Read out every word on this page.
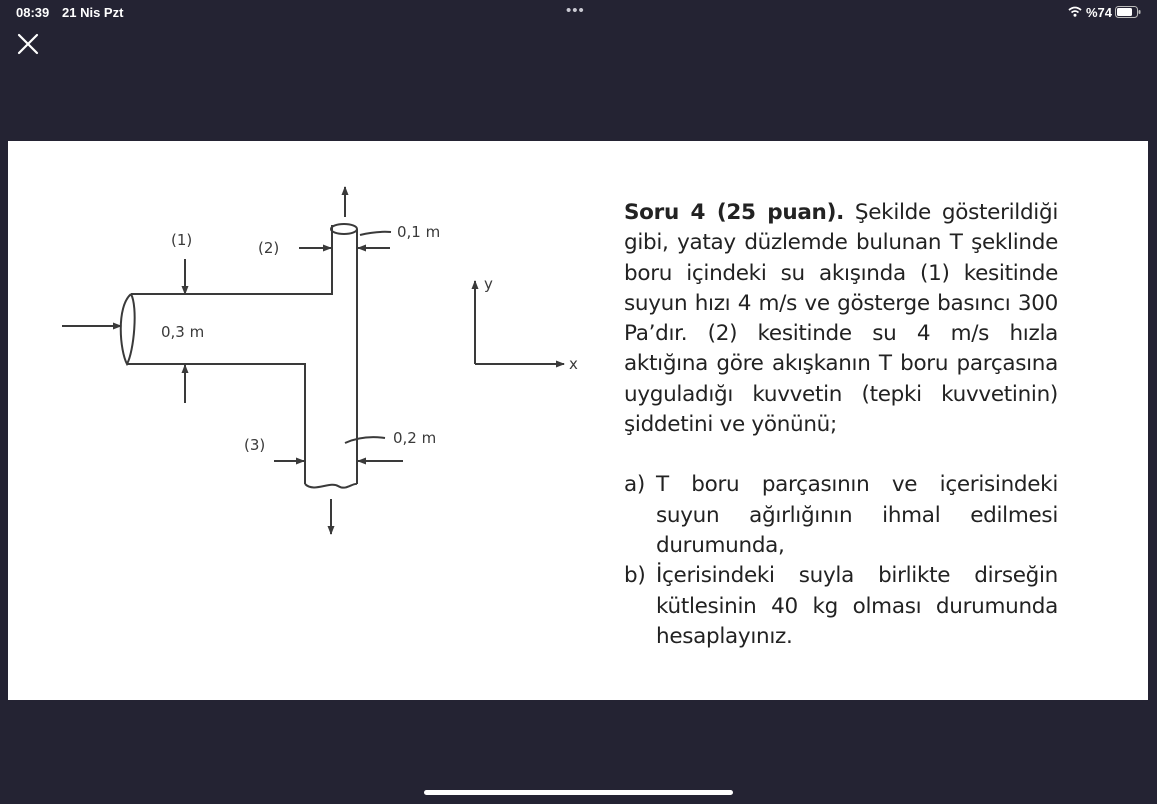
08:39 21 Nis Pzt	•••	%74
(1)	(2)
(3)
0,3 m
0,1 m
0,2 m
y
x

Soru 4 (25 puan). Şekilde gösterildiği gibi, yatay düzlemde bulunan T şeklinde boru içindeki su akışında (1) kesitinde suyun hızı 4 m/s ve gösterge basıncı 300 Pa’dır. (2) kesitinde su 4 m/s hızla aktığına göre akışkanın T boru parçasına uyguladığı kuvvetin (tepki kuvvetinin) şiddetini ve yönünü;

a) T boru parçasının ve içerisindeki suyun ağırlığının ihmal edilmesi durumunda,
b) İçerisindeki suyla birlikte dirseğin kütlesinin 40 kg olması durumunda hesaplayınız.
